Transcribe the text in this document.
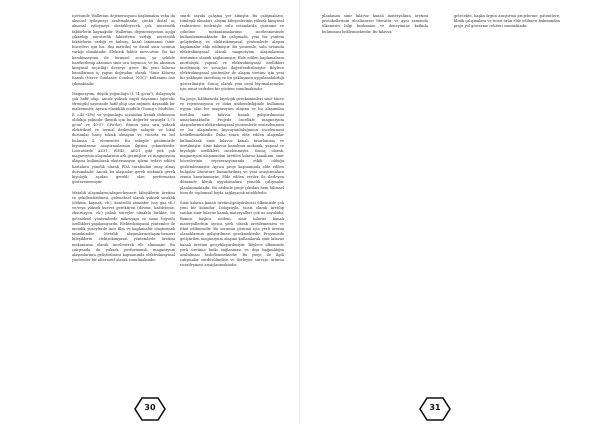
içerisinde Wallerian dejenerasyonu başlamakta veba da aksonal iyileşmeyi azaltmaktadır; çünkü distal uç aksonal iyileşmeyi destekleyecek çok nörotrofik faktörlerin kaynağıdır. Wallerian dejenerasyonun açığa çıkardığı nörotrofik faktörlerin varlığı, nörotrofik faktörlerin varlığı ve kalmış, bazal laminanın (sinir hücreleri için biz. dışı matriks) ve distal sinir ucunun varlığı olmaktadır. Elektrik faktör mevcuttur. Bu faz kombinasyonu ile terimsel sonuç şu şekilde hareketlenip aksonun sinir ucu boyunca; ve bu aksonun kimyasal seçiciliği devreye girer. Bu yeni kılavuz kanallarının iç yapısı doğrudan olarak "Sinir Kılavuz Kanalı (Nerve Guidance Conduit, NGC)" kullanımı öne çıkmaktadır.

Magnezyum, düşük yoğunluğu (1,74 g/cm³), dolayısıyla çok hafif olup, ancak yüksek özgül dayanımı (specific strength) sayesinde hafif olup onu rağmen dayanıklı bir malzemedir. Ayrıca elastiklik modülü (Young's Modulus, E =45 GPa) ve yoğunluğu açısından kemik dokusuna oldukça yakındır (kemik için bu değerler sırasıyla 1,75 g/cm³ ve 40-57 GPa'dır). Bunun yanı sıra yüksek elektriksel ve termal iletkenliğe sahiptir ve lokal durumlar hariç toksik olmayan ve vücutta en bol bulunan 4. elementtir. Bu sebeple günümüzde biyomalzeme araştırmalarının ilgisini çekmektedir. Literatürde AZ31, WE43, AE21 gibi pek çok magnezyum alaşımlarının ark geçmişleri ve magnezyum alaşımı kullanılarak eksternasyon işlemi tedavi edilen hastalara yönelik olarak FDA tarafından onay almış durumdadır. Ancak bu alaşımlar gerek mekanik gerek biyolojik açıdan gerekli olan performansı gösterememiştir.

Metalik alaşımların/alaşım-benzeri bileşiklerin üretimi ve şekillendirilmesi, geleneksel olarak yüksek sıcaklık (döküm, kaynak, vb.), kontrollü atmosfer (soy gaz vb.) ve/veya yüksek kuvvet gerektiren (dövme, haddeleme, ekstrüzyon, vb.) pahalı süreçler olmakla birlikte, bu geleneksel yöntemlerde mikroyapı ve nano boyutlu özellikleri yapılamıyordu. Elektrokimyasal yöntemler ile metalik yüzeylerde ince film ve kaplamalar oluşturmak mümkündür. Metalik alaşımların/alaşım-benzeri bileşiklerin elektrokimyasal yöntemlerle üretimi mekanizma olarak incelenerek ele alınmıştır. Bu çalışmada da yüksek performanslı magnezyum alaşımlarının geliştirilmesi kapsamında elektrokimyasal yöntemler bir alternatif olarak sunulmaktadır.

sınırlı sayıda çalışma yer almıştır. Bu çalışmaların, tümleşik olmaları, alaşım bileşenlerinin yüksek kimyasal reaktivitesi nedeniyle sulu ortamlarda çözünme ve çökelme mekanizmalarının incelenmesinde kullanılamamaktadır. Bu çalışmada, yeni bir yöntem geliştirilmiş ve elektrokimyasal yöntemlerle alaşım kaplamalar elde edilmiştir. Bu yöntemle, sulu ortamda elektrokimyasal olarak magnezyum alaşımlarının üretimine olanak sağlanmıştır. Elde edilen kaplamaların morfolojik, yapısal ve elektrokimyasal özellikleri incelenmiş ve sonuçlar değerlendirilmiştir. Böylece elektrokimyasal yöntemler ile alaşım üretimi için yeni bir yaklaşım önerilmiş ve bu yaklaşımın uygulanabilirliği gösterilmiştir. Sonuç olarak yeni nesil biyomalzemeler için umut vadeden bir yöntem sunulmaktadır.

Bu proje, hâlihazırda biyolojik gereksinimleri sinir hücre ve rejenerasyonu ve doku mühendisliğinde kullanımı uygun olan bir magnezyum alaşımı ve bu alaşımdan üretilen sinir kılavuz kanalı geliştirilmesini amaçlamaktadır. Projede öncelikle magnezyum alaşımlarının elektrokimyasal yöntemlerle sentezlenmesi ve bu alaşımların biyouyumluluğunun incelenmesi hedeflenmektedir. Daha sonra elde edilen alaşımlar kullanılarak sinir kılavuz kanalı tasarlanmış ve üretilmiştir. Sinir kılavuz kanalının mekanik, yapısal ve biyolojik özellikleri incelenmiştir. Sonuç olarak, magnezyum alaşımından üretilen kılavuz kanalının, sinir hücrelerinin rejenerasyonunda etkili olduğu gözlemlenmiştir. Ayrıca proje kapsamında elde edilen bulgular literatüre kazandırılmış ve yeni araştırmalara zemin hazırlanmıştır. Elde edilen veriler ile ilerleyen dönemde klinik uygulamalara yönelik çalışmalar planlanmaktadır. Bu nedenle proje çıktıları hem bilimsel hem de toplumsal fayda sağlayacak niteliktedir.

Sinir kılavuz kanalı üretimi/geliştirilmesi ülkemizde çok yeni bir konudur. Dolayısıyla, ticari olarak üretilip satılan sinir kılavuz kanalı materyalleri çok az sayıdadır. Bunun başlıca nedeni, sinir kılavuz kanalı materyallerinin ayrıca yerli olarak üretilememesi ve ithal edilmesidir. Bu sorunun çözümü için yerli üretim olanaklarının geliştirilmesi gerekmektedir. Projemizde geliştirilen magnezyum alaşımı kullanılarak sinir kılavuz kanalı üretimi gerçekleştirilmiştir. Böylece ülkemizde yerli üretime katkı sağlanması ve dışa bağımlılığın azaltılması hedeflenmektedir. Bu proje ile ilgili çalışmalar sürdürülmekte ve ilerleyen süreçte ürünün ticarileşmesi amaçlanmaktadır.

30

planlanan sinir kılavuz kanalı materyalinin üretimi protokollerinin uluslararası literatür ve aynı zamanda ülkemizin bilgi birikimine ve deneyimine katkıda bulunması beklenmektedir. Bu kılavuz

gelecekte, başka örgün araştırma projelerine, patentlere, klinik çalışmalara ve ticari ürün elde edilmesi bakımından proje yol gösterme rehberi sunmaktadır.

31
